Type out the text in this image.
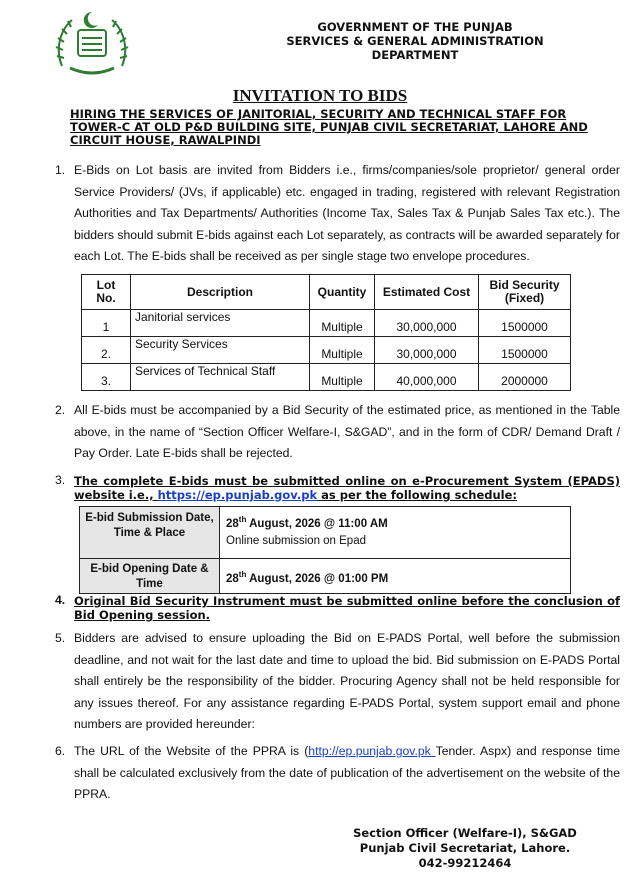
GOVERNMENT OF THE PUNJAB
SERVICES & GENERAL ADMINISTRATION
DEPARTMENT
INVITATION TO BIDS
HIRING THE SERVICES OF JANITORIAL, SECURITY AND TECHNICAL STAFF FOR TOWER-C AT OLD P&D BUILDING SITE, PUNJAB CIVIL SECRETARIAT, LAHORE AND CIRCUIT HOUSE, RAWALPINDI
1. E-Bids on Lot basis are invited from Bidders i.e., firms/companies/sole proprietor/ general order Service Providers/ (JVs, if applicable) etc. engaged in trading, registered with relevant Registration Authorities and Tax Departments/ Authorities (Income Tax, Sales Tax & Punjab Sales Tax etc.). The bidders should submit E-bids against each Lot separately, as contracts will be awarded separately for each Lot. The E-bids shall be received as per single stage two envelope procedures.
Lot No.	Description	Quantity	Estimated Cost	Bid Security (Fixed)
1	Janitorial services	Multiple	30,000,000	1500000
2.	Security Services	Multiple	30,000,000	1500000
3.	Services of Technical Staff	Multiple	40,000,000	2000000
2. All E-bids must be accompanied by a Bid Security of the estimated price, as mentioned in the Table above, in the name of “Section Officer Welfare-I, S&GAD”, and in the form of CDR/ Demand Draft / Pay Order. Late E-bids shall be rejected.
3. The complete E-bids must be submitted online on e-Procurement System (EPADS) website i.e., https://ep.punjab.gov.pk as per the following schedule:
E-bid Submission Date, Time & Place	28th August, 2026 @ 11:00 AM
Online submission on Epad

E-bid Opening Date & Time	28th August, 2026 @ 01:00 PM
4. Original Bid Security Instrument must be submitted online before the conclusion of Bid Opening session.
5. Bidders are advised to ensure uploading the Bid on E-PADS Portal, well before the submission deadline, and not wait for the last date and time to upload the bid. Bid submission on E-PADS Portal shall entirely be the responsibility of the bidder. Procuring Agency shall not be held responsible for any issues thereof. For any assistance regarding E-PADS Portal, system support email and phone numbers are provided hereunder:
6. The URL of the Website of the PPRA is (http://ep.punjab.gov.pk Tender. Aspx) and response time shall be calculated exclusively from the date of publication of the advertisement on the website of the PPRA.
Section Officer (Welfare-I), S&GAD
Punjab Civil Secretariat, Lahore.
042-99212464
